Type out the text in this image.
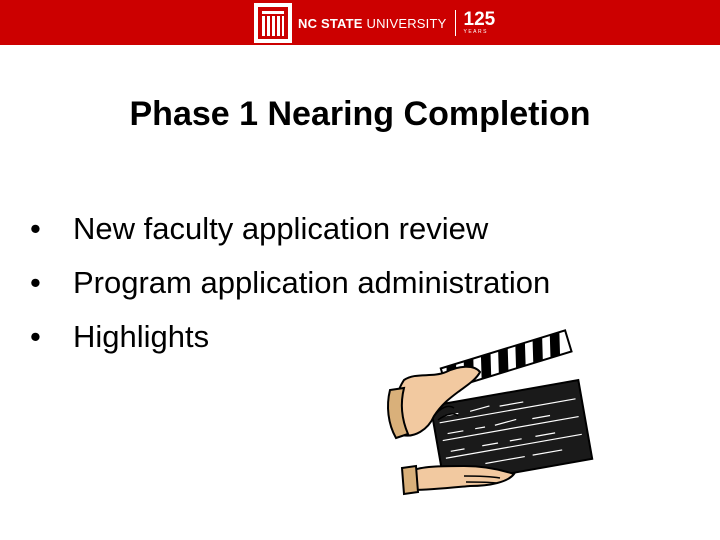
NC STATE UNIVERSITY 125
YEARS
Phase 1 Nearing Completion
•	New faculty application review
•	Program application administration
•	Highlights
